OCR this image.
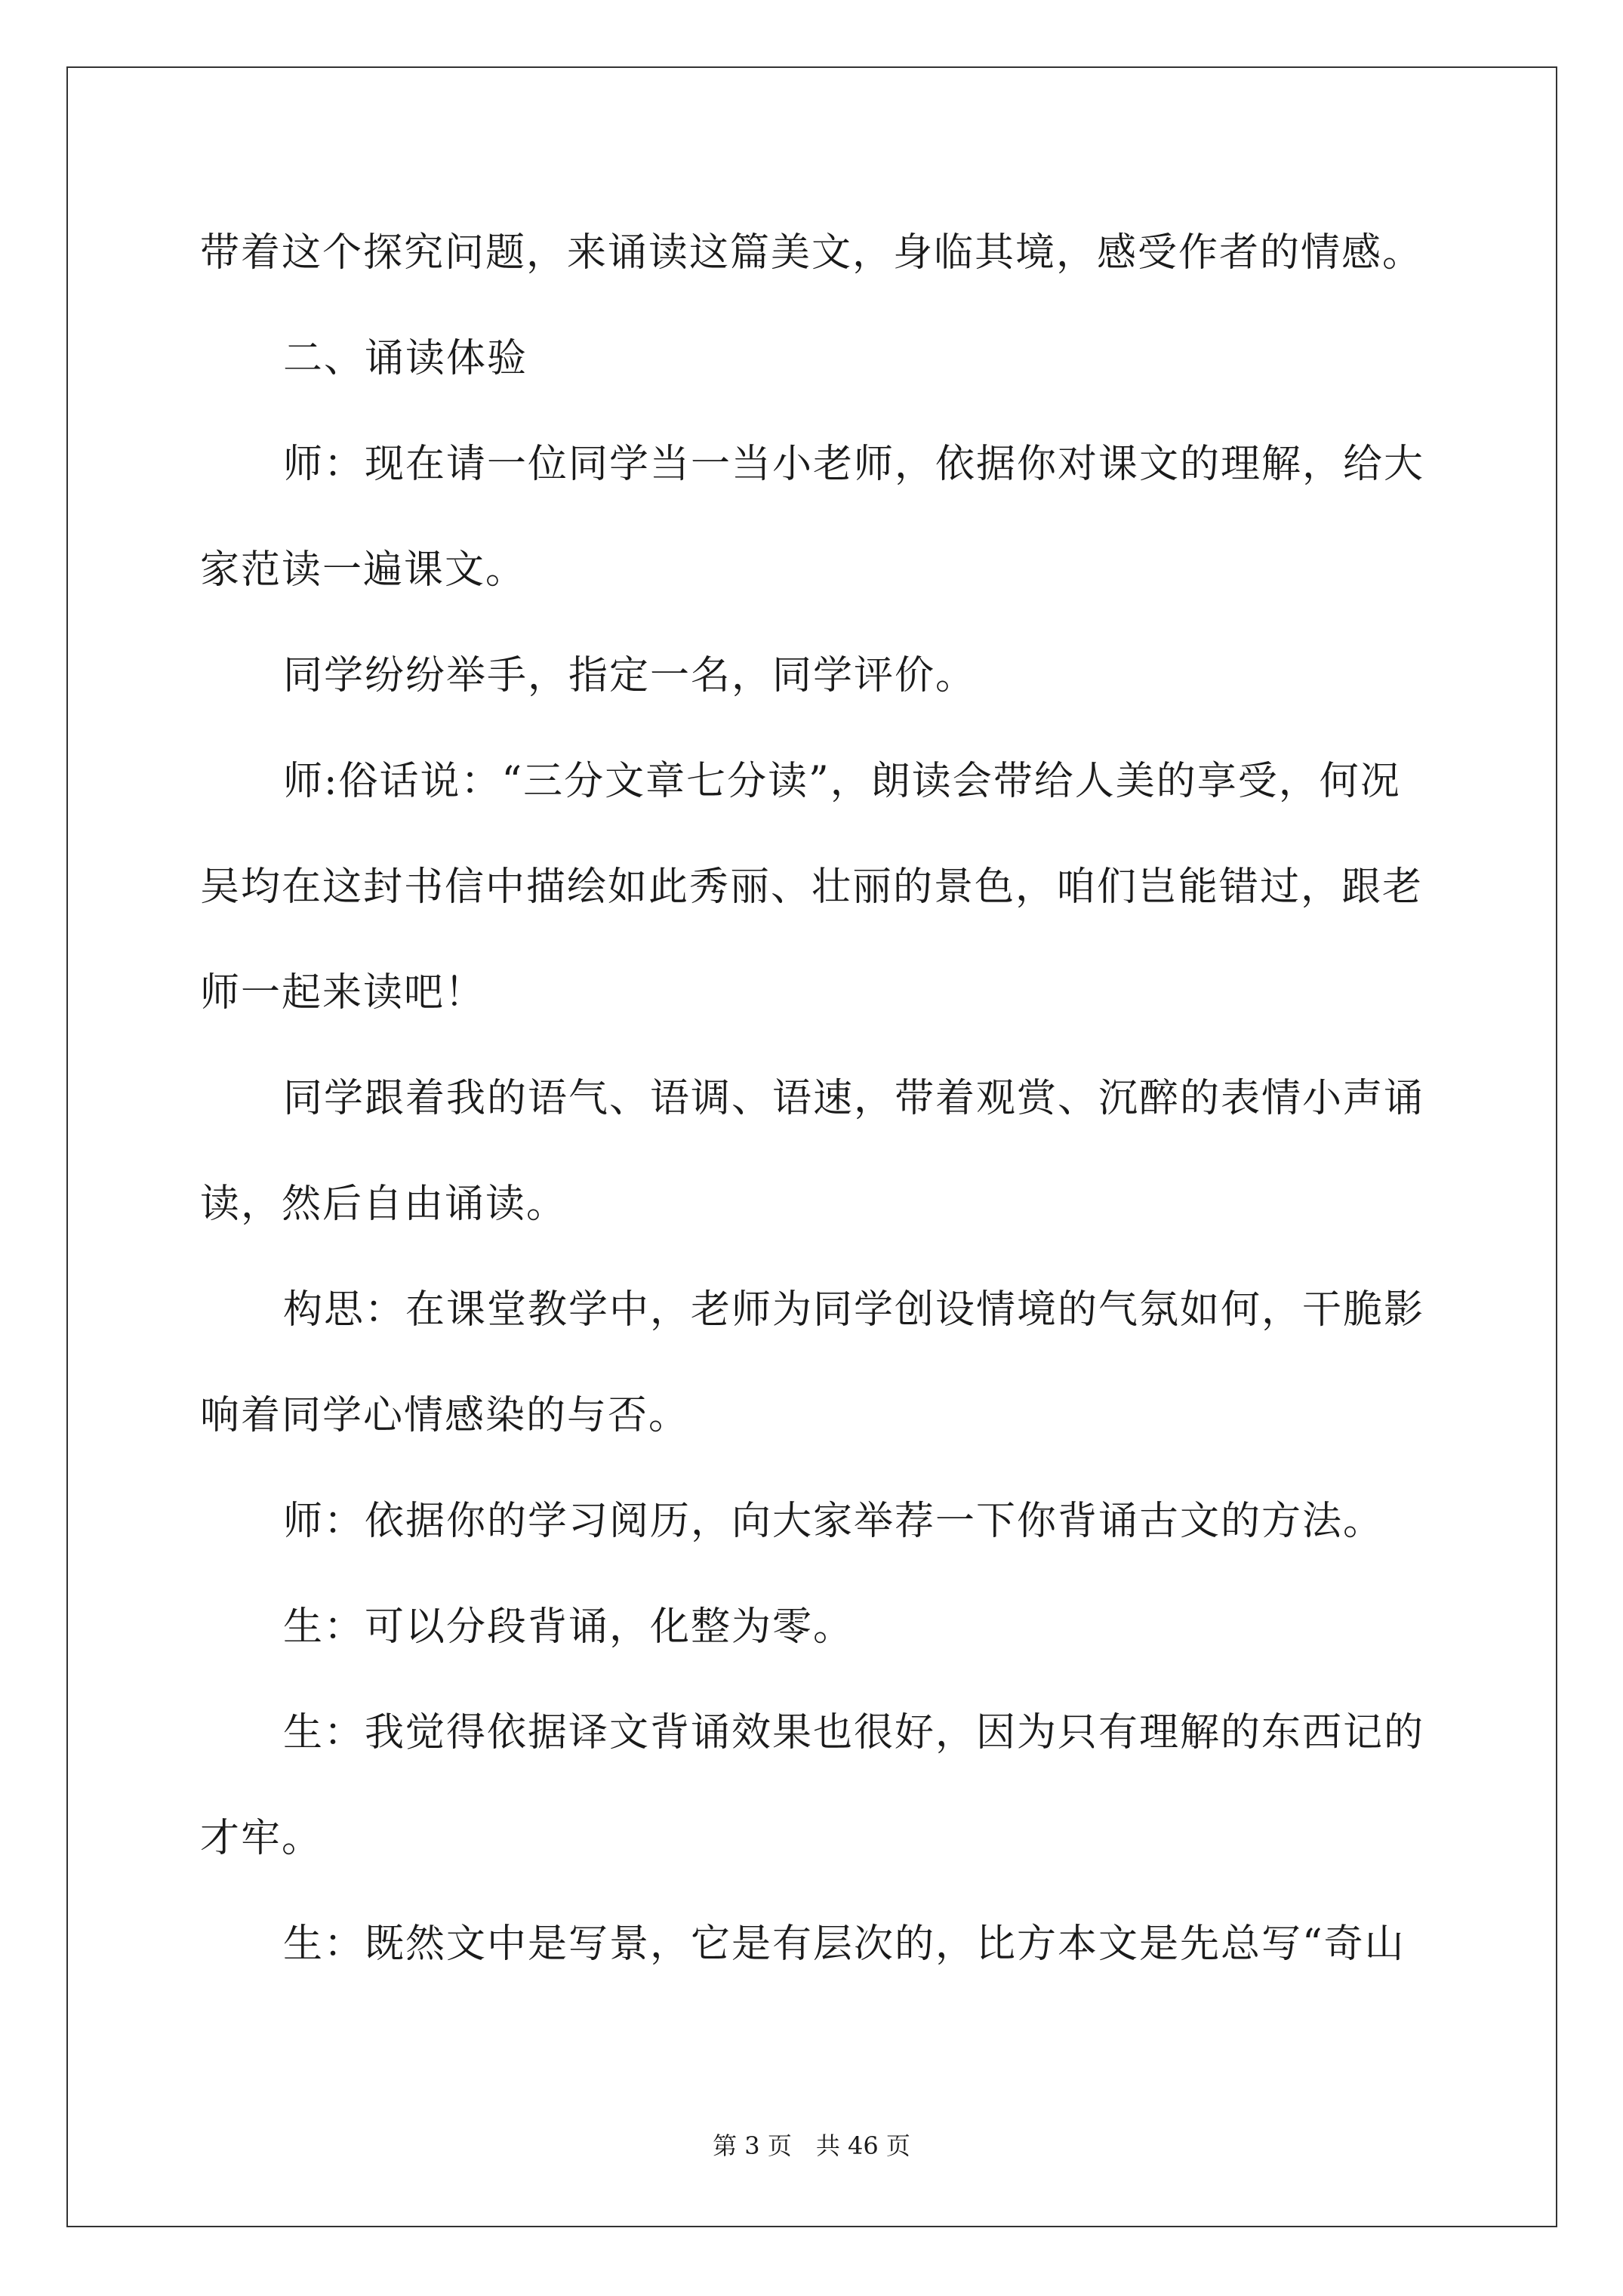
带着这个探究问题，来诵读这篇美文，身临其境，感受作者的情感。
二、诵读体验
师：现在请一位同学当一当小老师，依据你对课文的理解，给大
家范读一遍课文。
同学纷纷举手，指定一名，同学评价。
师:俗话说：“三分文章七分读”，朗读会带给人美的享受，何况
吴均在这封书信中描绘如此秀丽、壮丽的景色，咱们岂能错过，跟老
师一起来读吧！
同学跟着我的语气、语调、语速，带着观赏、沉醉的表情小声诵
读，然后自由诵读。
构思：在课堂教学中，老师为同学创设情境的气氛如何，干脆影
响着同学心情感染的与否。
师：依据你的学习阅历，向大家举荐一下你背诵古文的方法。
生：可以分段背诵，化整为零。
生：我觉得依据译文背诵效果也很好，因为只有理解的东西记的
才牢。
生：既然文中是写景，它是有层次的，比方本文是先总写“奇山
第 3 页　共 46 页
